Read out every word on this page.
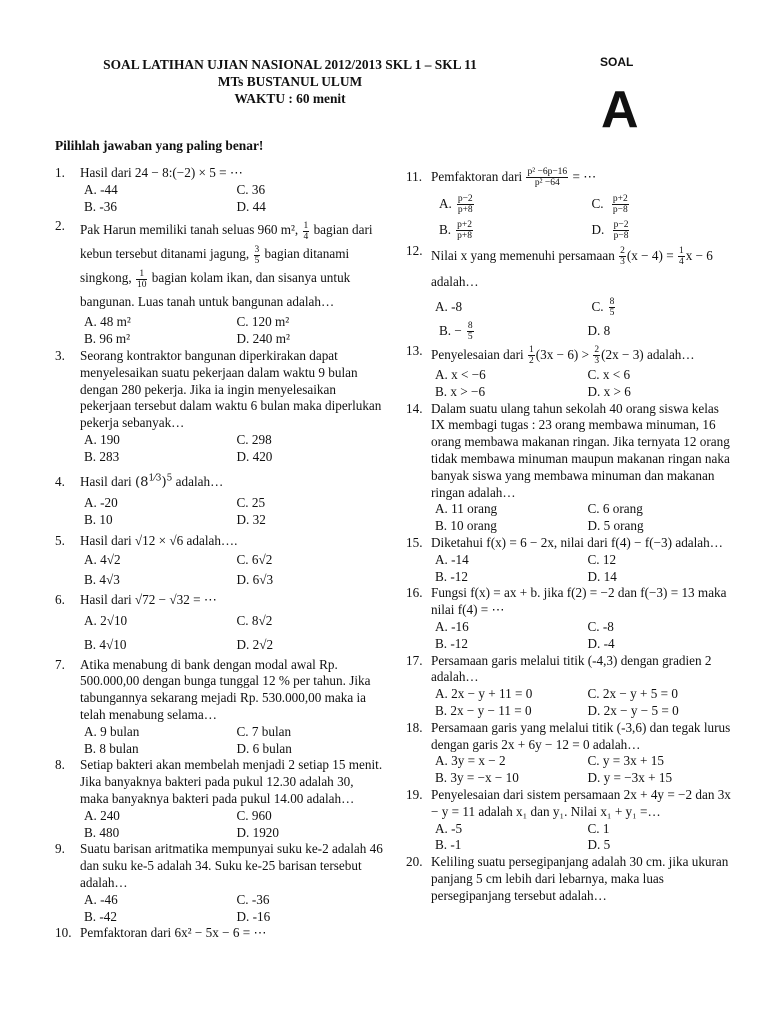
SOAL LATIHAN UJIAN NASIONAL 2012/2013 SKL 1 – SKL 11
MTs BUSTANUL ULUM
WAKTU : 60 menit
SOAL
A
Pilihlah jawaban yang paling benar!
1. Hasil dari 24 − 8:(−2) × 5 = ⋯

A. -44	C. 36
B. -36	D. 44
2. Pak Harun memiliki tanah seluas 960 m², $\frac{1}{4}$ bagian dari kebun tersebut ditanami jagung, $\frac{3}{5}$ bagian ditanami singkong, $\frac{1}{10}$ bagian kolam ikan, dan sisanya untuk bangunan. Luas tanah untuk bangunan adalah…

A. 48 m²	C. 120 m²
B. 96 m²	D. 240 m²
3. Seorang kontraktor bangunan diperkirakan dapat menyelesaikan suatu pekerjaan dalam waktu 9 bulan dengan 280 pekerja. Jika ia ingin menyelesaikan pekerjaan tersebut dalam waktu 6 bulan maka diperlukan pekerja sebanyak…

A. 190	C. 298
B. 283	D. 420
4. Hasil dari $(8^{1⁄3})^5$ adalah…

A. -20	C. 25
B. 10	D. 32
5. Hasil dari √12 × √6 adalah….

A. 4√2	C. 6√2
B. 4√3	D. 6√3
6. Hasil dari √72 − √32 = ⋯

A. 2√10	C. 8√2
B. 4√10	D. 2√2
7. Atika menabung di bank dengan modal awal Rp. 500.000,00 dengan bunga tunggal 12 % per tahun. Jika tabungannya sekarang mejadi Rp. 530.000,00 maka ia telah menabung selama…

A. 9 bulan	C. 7 bulan
B. 8 bulan	D. 6 bulan
8. Setiap bakteri akan membelah menjadi 2 setiap 15 menit. Jika banyaknya bakteri pada pukul 12.30 adalah 30, maka banyaknya bakteri pada pukul 14.00 adalah…

A. 240	C. 960
B. 480	D. 1920
9. Suatu barisan aritmatika mempunyai suku ke-2 adalah 46 dan suku ke-5 adalah 34. Suku ke-25 barisan tersebut adalah…

A. -46	C. -36
B. -42	D. -16
10. Pemfaktoran dari 6x² − 5x − 6 = ⋯

11. Pemfaktoran dari $\frac{\text{p² −6p−16}}{\text{p² −64}}$ = ⋯

A. $\frac{p-2}{p+8}$	C. $\frac{p+2}{p-8}$
B. $\frac{p+2}{p+8}$	D. $\frac{p-2}{p-8}$
12. Nilai x yang memenuhi persamaan $\frac{2}{3} (x - 4) = \frac{1}{4}$ x − 6 adalah…

A. -8	C. $\frac{8}{5}$
B. − $\frac{8}{5}$	D. 8
13. Penyelesaian dari $\frac{1}{2} (3x - 6) > \frac{2}{3} (2x - 3)$ adalah…

A. x < −6	C. x < 6
B. x > −6	D. x > 6
14. Dalam suatu ulang tahun sekolah 40 orang siswa kelas IX membagi tugas : 23 orang membawa minuman, 16 orang membawa makanan ringan. Jika ternyata 12 orang tidak membawa minuman maupun makanan ringan naka banyak siswa yang membawa minuman dan makanan ringan adalah…

A. 11 orang	C. 6 orang
B. 10 orang	D. 5 orang
15. Diketahui f(x) = 6 − 2x, nilai dari f(4) − f(−3) adalah…

A. -14	C. 12
B. -12	D. 14
16. Fungsi f(x) = ax + b. jika f(2) = −2 dan f(−3) = 13 maka nilai f(4) = ⋯

A. -16	C. -8
B. -12	D. -4
17. Persamaan garis melalui titik (-4,3) dengan gradien 2 adalah…

A. 2x − y + 11 = 0	C. 2x − y + 5 = 0
B. 2x − y − 11 = 0	D. 2x − y − 5 = 0
18. Persamaan garis yang melalui titik (-3,6) dan tegak lurus dengan garis 2x + 6y − 12 = 0 adalah…

A. 3y = x − 2	C. y = 3x + 15
B. 3y = −x − 10	D. y = −3x + 15
19. Penyelesaian dari sistem persamaan 2x + 4y = −2 dan 3x − y = 11 adalah x₁ dan y₁. Nilai x₁ + y₁ =…

A. -5	C. 1
B. -1	D. 5
20. Keliling suatu persegipanjang adalah 30 cm. jika ukuran panjang 5 cm lebih dari lebarnya, maka luas persegipanjang tersebut adalah…
